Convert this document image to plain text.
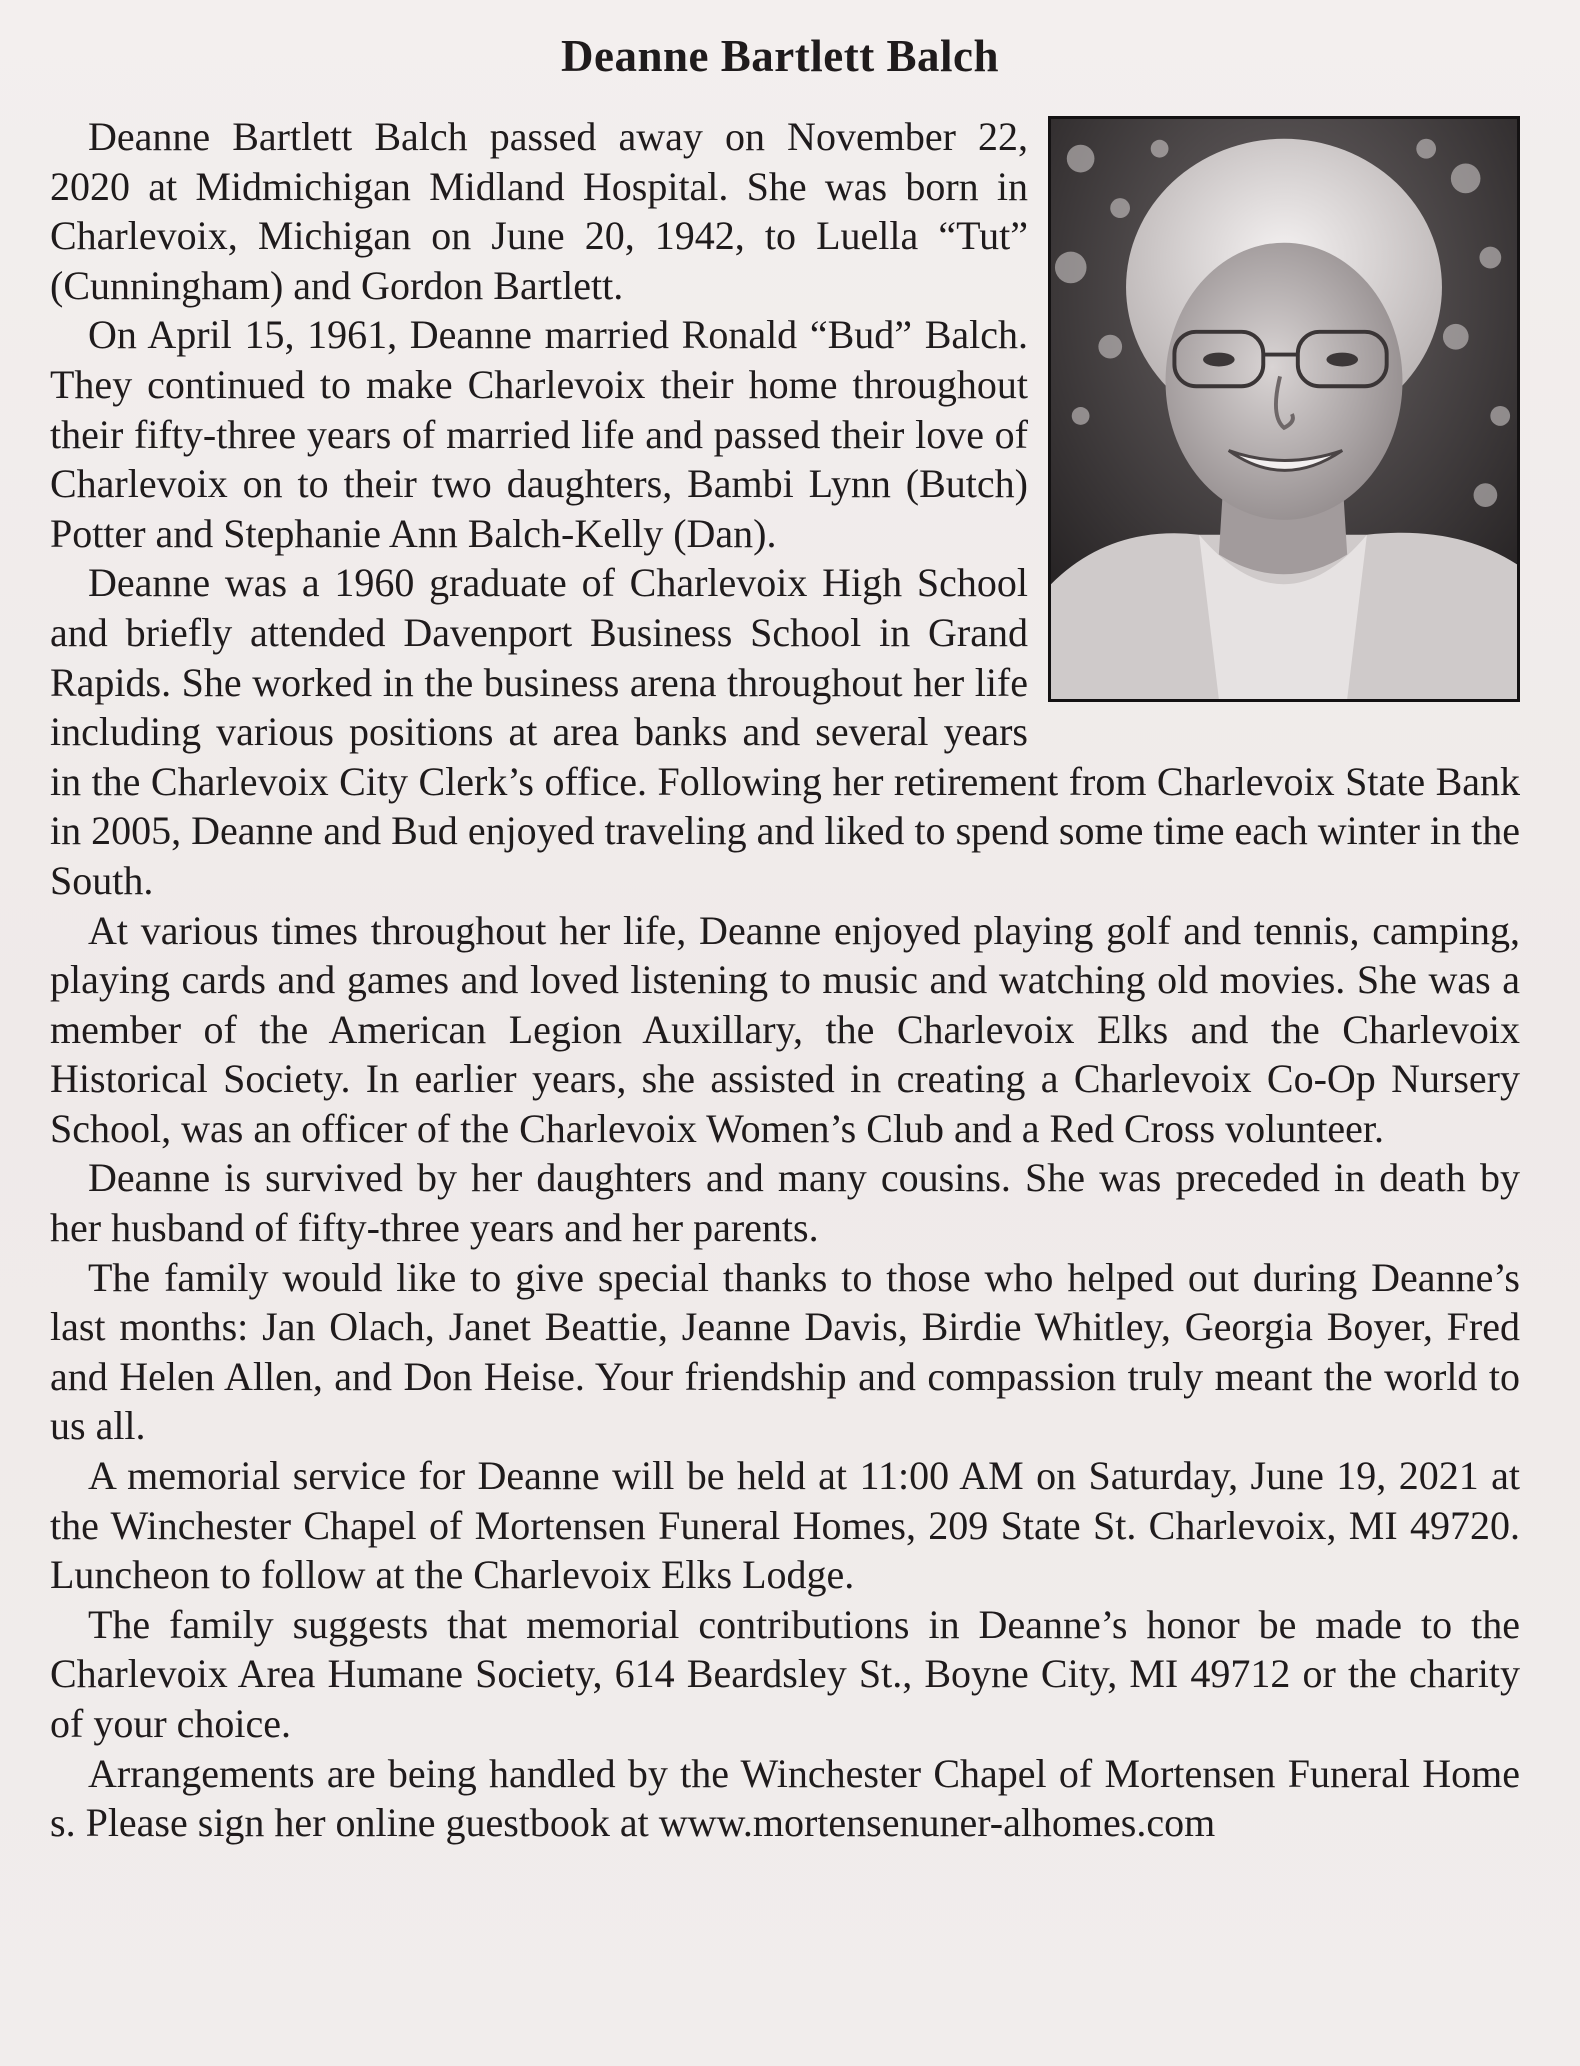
Deanne Bartlett Balch

Deanne Bartlett Balch passed away on November 22, 2020 at Midmichigan Midland Hospital. She was born in Charlevoix, Michigan on June 20, 1942, to Luella “Tut” (Cunningham) and Gordon Bartlett.

On April 15, 1961, Deanne married Ronald “Bud” Balch. They continued to make Charlevoix their home throughout their fifty-three years of married life and passed their love of Charlevoix on to their two daughters, Bambi Lynn (Butch) Potter and Stephanie Ann Balch-Kelly (Dan).

Deanne was a 1960 graduate of Charlevoix High School and briefly attended Davenport Business School in Grand Rapids. She worked in the business arena throughout her life including various positions at area banks and several years in the Charlevoix City Clerk’s office. Following her retirement from Charlevoix State Bank in 2005, Deanne and Bud enjoyed traveling and liked to spend some time each winter in the South.

At various times throughout her life, Deanne enjoyed playing golf and tennis, camping, playing cards and games and loved listening to music and watching old movies. She was a member of the American Legion Auxillary, the Charlevoix Elks and the Charlevoix Historical Society. In earlier years, she assisted in creating a Charlevoix Co-Op Nursery School, was an officer of the Charlevoix Women’s Club and a Red Cross volunteer.

Deanne is survived by her daughters and many cousins. She was preceded in death by her husband of fifty-three years and her parents.

The family would like to give special thanks to those who helped out during Deanne’s last months: Jan Olach, Janet Beattie, Jeanne Davis, Birdie Whitley, Georgia Boyer, Fred and Helen Allen, and Don Heise. Your friendship and compassion truly meant the world to us all.

A memorial service for Deanne will be held at 11:00 AM on Saturday, June 19, 2021 at the Winchester Chapel of Mortensen Funeral Homes, 209 State St. Charlevoix, MI 49720. Luncheon to follow at the Charlevoix Elks Lodge.

The family suggests that memorial contributions in Deanne’s honor be made to the Charlevoix Area Humane Society, 614 Beardsley St., Boyne City, MI 49712 or the charity of your choice.

Arrangements are being handled by the Winchester Chapel of Mortensen Funeral Homes. Please sign her online guestbook at www.mortensenuner-alhomes.com
